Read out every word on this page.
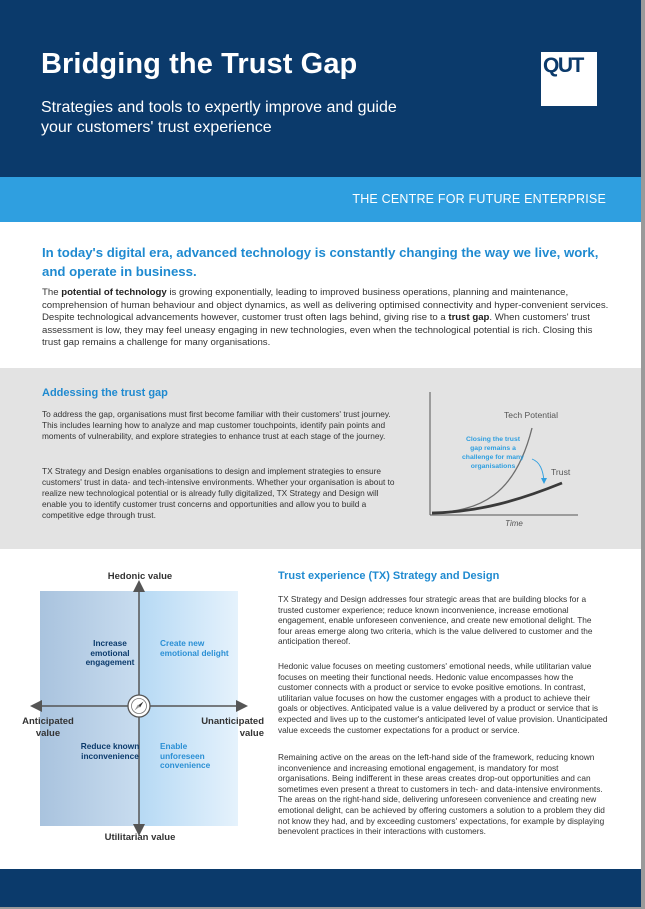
Bridging the Trust Gap
Strategies and tools to expertly improve and guide your customers' trust experience
QUT
THE CENTRE FOR FUTURE ENTERPRISE
In today's digital era, advanced technology is constantly changing the way we live, work, and operate in business.
The potential of technology is growing exponentially, leading to improved business operations, planning and maintenance, comprehension of human behaviour and object dynamics, as well as delivering optimised connectivity and hyper-convenient services. Despite technological advancements however, customer trust often lags behind, giving rise to a trust gap. When customers' trust assessment is low, they may feel uneasy engaging in new technologies, even when the technological potential is rich. Closing this trust gap remains a challenge for many organisations.
Addessing the trust gap
To address the gap, organisations must first become familiar with their customers' trust journey. This includes learning how to analyze and map customer touchpoints, identify pain points and moments of vulnerability, and explore strategies to enhance trust at each stage of the journey.
TX Strategy and Design enables organisations to design and implement strategies to ensure customers' trust in data- and tech-intensive environments. Whether your organisation is about to realize new technological potential or is already fully digitalized, TX Strategy and Design will enable you to identify customer trust concerns and opportunities and allow you to build a competitive edge through trust.
Tech Potential
Trust
Closing the trust
gap remains a
challenge for many
organisations
Time
Hedonic value
Utilitarian value
Anticipated value
Unanticipated value
Increase emotional engagement
Create new emotional delight
Reduce known inconvenience
Enable unforeseen convenience
Trust experience (TX) Strategy and Design
TX Strategy and Design addresses four strategic areas that are building blocks for a trusted customer experience; reduce known inconvenience, increase emotional engagement, enable unforeseen convenience, and create new emotional delight. The four areas emerge along two criteria, which is the value delivered to customer and the anticipation thereof.
Hedonic value focuses on meeting customers' emotional needs, while utilitarian value focuses on meeting their functional needs. Hedonic value encompasses how the customer connects with a product or service to evoke positive emotions. In contrast, utilitarian value focuses on how the customer engages with a product to achieve their goals or objectives. Anticipated value is a value delivered by a product or service that is expected and lives up to the customer's anticipated level of value provision. Unanticipated value exceeds the customer expectations for a product or service.
Remaining active on the areas on the left-hand side of the framework, reducing known inconvenience and increasing emotional engagement, is mandatory for most organisations. Being indifferent in these areas creates drop-out opportunities and can sometimes even present a threat to customers in tech- and data-intensive environments. The areas on the right-hand side, delivering unforeseen convenience and creating new emotional delight, can be achieved by offering customers a solution to a problem they did not know they had, and by exceeding customers' expectations, for example by displaying benevolent practices in their interactions with customers.
